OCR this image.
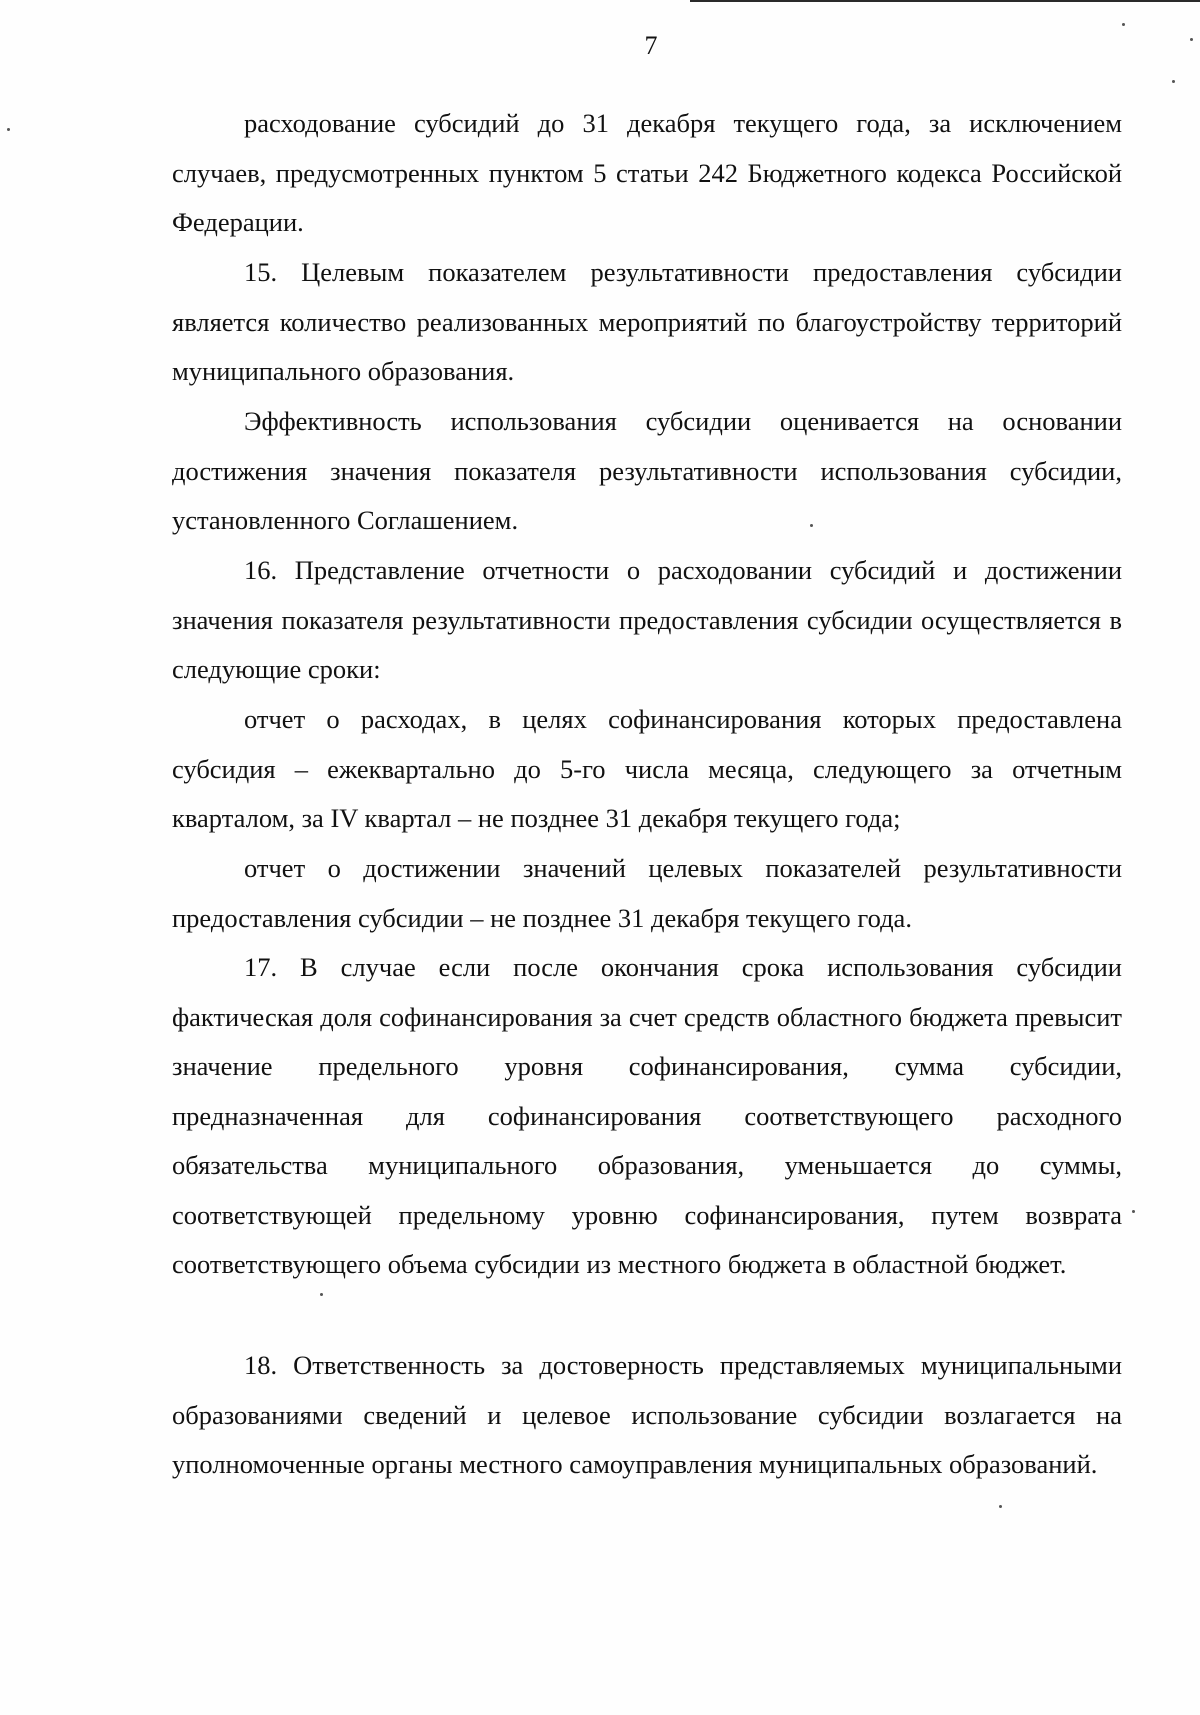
7

расходование субсидий до 31 декабря текущего года, за исключением случаев, предусмотренных пунктом 5 статьи 242 Бюджетного кодекса Российской Федерации.

15. Целевым показателем результативности предоставления субсидии является количество реализованных мероприятий по благоустройству территорий муниципального образования.

Эффективность использования субсидии оценивается на основании достижения значения показателя результативности использования субсидии, установленного Соглашением.

16. Представление отчетности о расходовании субсидий и достижении значения показателя результативности предоставления субсидии осуществляется в следующие сроки:

отчет о расходах, в целях софинансирования которых предоставлена субсидия – ежеквартально до 5-го числа месяца, следующего за отчетным кварталом, за IV квартал – не позднее 31 декабря текущего года;

отчет о достижении значений целевых показателей результативности предоставления субсидии – не позднее 31 декабря текущего года.

17. В случае если после окончания срока использования субсидии фактическая доля софинансирования за счет средств областного бюджета превысит значение предельного уровня софинансирования, сумма субсидии, предназначенная для софинансирования соответствующего расходного обязательства муниципального образования, уменьшается до суммы, соответствующей предельному уровню софинансирования, путем возврата соответствующего объема субсидии из местного бюджета в областной бюджет.

18. Ответственность за достоверность представляемых муниципальными образованиями сведений и целевое использование субсидии возлагается на уполномоченные органы местного самоуправления муниципальных образований.
